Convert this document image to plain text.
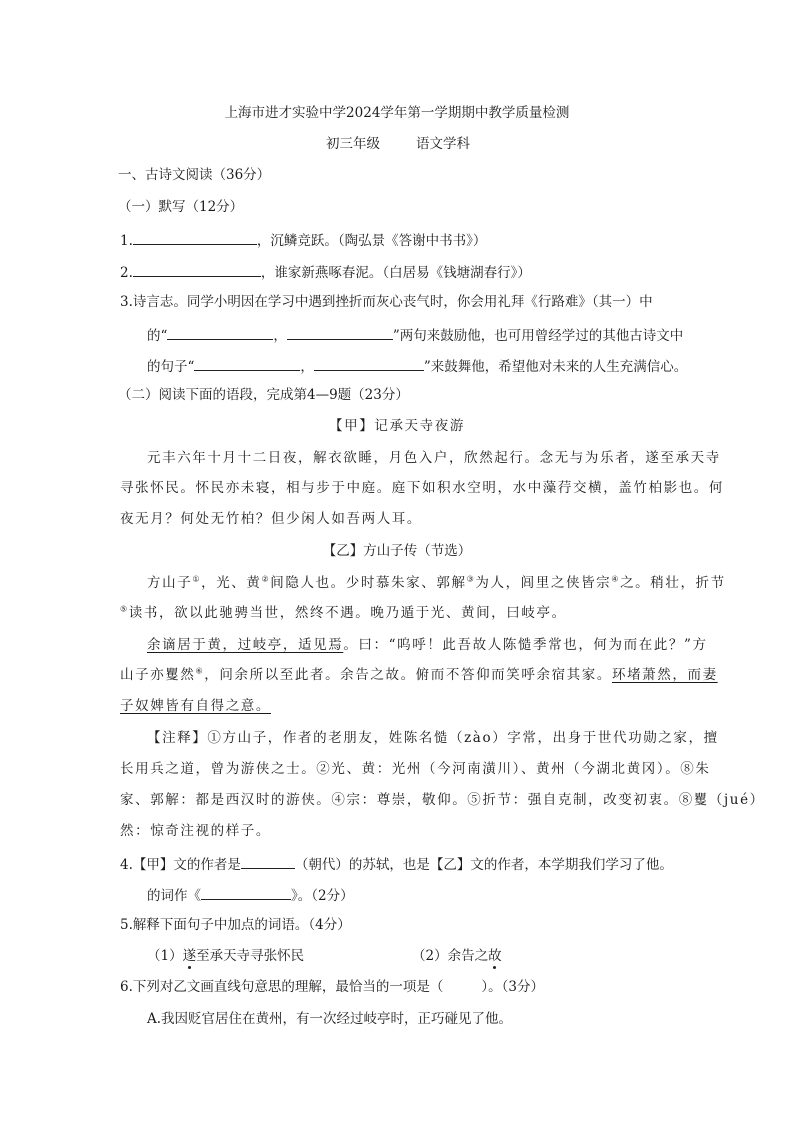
上海市进才实验中学2024学年第一学期期中教学质量检测
初三年级	语文学科
一、古诗文阅读（36分）
（一）默写（12分）
1.	，沉鳞竞跃。（陶弘景《答谢中书书》）
2.	，谁家新燕啄春泥。（白居易《钱塘湖春行》）
3.诗言志。同学小明因在学习中遇到挫折而灰心丧气时，你会用礼拜《行路难》（其一）中
的“	，	”两句来鼓励他，也可用曾经学过的其他古诗文中
的句子“	，	”来鼓舞他，希望他对未来的人生充满信心。
（二）阅读下面的语段，完成第4—9题（23分）
【甲】记承天寺夜游
元丰六年十月十二日夜，解衣欲睡，月色入户，欣然起行。念无与为乐者，遂至承天寺
寻张怀民。怀民亦未寝，相与步于中庭。庭下如积水空明，水中藻荇交横，盖竹柏影也。何
夜无月？何处无竹柏？但少闲人如吾两人耳。
【乙】方山子传（节选）
方山子①，光、黄②间隐人也。少时慕朱家、郭解③为人，闾里之侠皆宗④之。稍壮，折节
⑤读书，欲以此驰骋当世，然终不遇。晚乃遁于光、黄间，曰岐亭。
余谪居于黄，过岐亭，适见焉。曰：“呜呼！此吾故人陈慥季常也，何为而在此？”方
山子亦矍然⑥，问余所以至此者。余告之故。俯而不答仰而笑呼余宿其家。环堵萧然，而妻
子奴婢皆有自得之意。
【注释】①方山子，作者的老朋友，姓陈名慥（zào）字常，出身于世代功勋之家，擅
长用兵之道，曾为游侠之士。②光、黄：光州（今河南潢川）、黄州（今湖北黄冈）。⑧朱
家、郭解：都是西汉时的游侠。④宗：尊崇，敬仰。⑤折节：强自克制，改变初衷。⑧矍（jué）
然：惊奇注视的样子。
4.【甲】文的作者是	（朝代）的苏轼，也是【乙】文的作者，本学期我们学习了他。
的词作《	》。（2分）
5.解释下面句子中加点的词语。（4分）
（1）遂至承天寺寻张怀民	（2）余告之故
6.下列对乙文画直线句意思的理解，最恰当的一项是（	）。（3分）
A.我因贬官居住在黄州，有一次经过岐亭时，正巧碰见了他。
